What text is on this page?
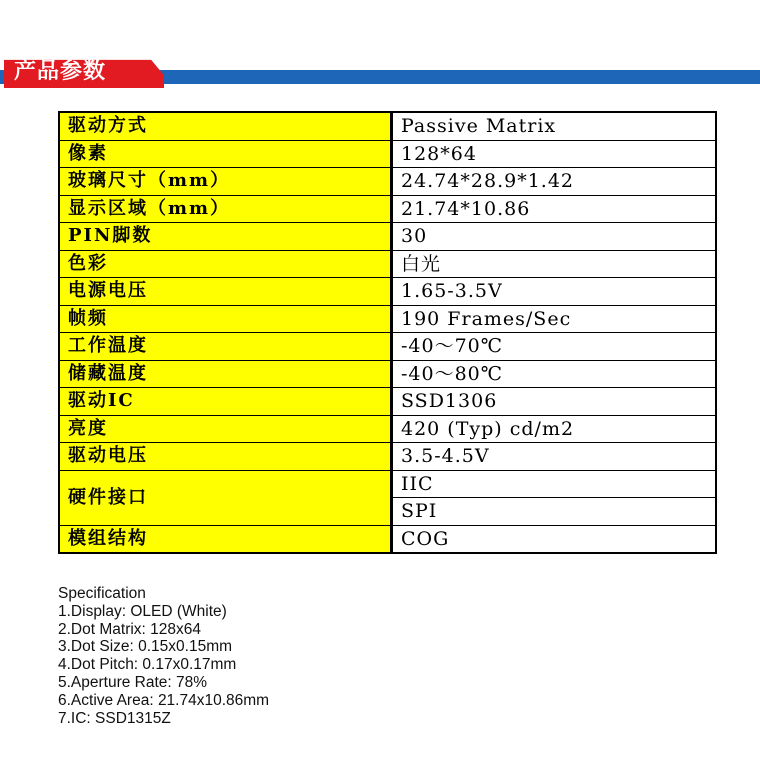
产品参数
驱动方式	Passive Matrix
像素	128*64
玻璃尺寸（mm）	24.74*28.9*1.42
显示区域（mm）	21.74*10.86
PIN脚数	30
色彩	白光
电源电压	1.65-3.5V
帧频	190 Frames/Sec
工作温度	-40～70℃
储藏温度	-40～80℃
驱动IC	SSD1306
亮度	420 (Typ) cd/m2
驱动电压	3.5-4.5V
硬件接口	IIC
	SPI
模组结构	COG
Specification
1.Display: OLED (White)
2.Dot Matrix: 128x64
3.Dot Size: 0.15x0.15mm
4.Dot Pitch: 0.17x0.17mm
5.Aperture Rate: 78%
6.Active Area: 21.74x10.86mm
7.IC: SSD1315Z
